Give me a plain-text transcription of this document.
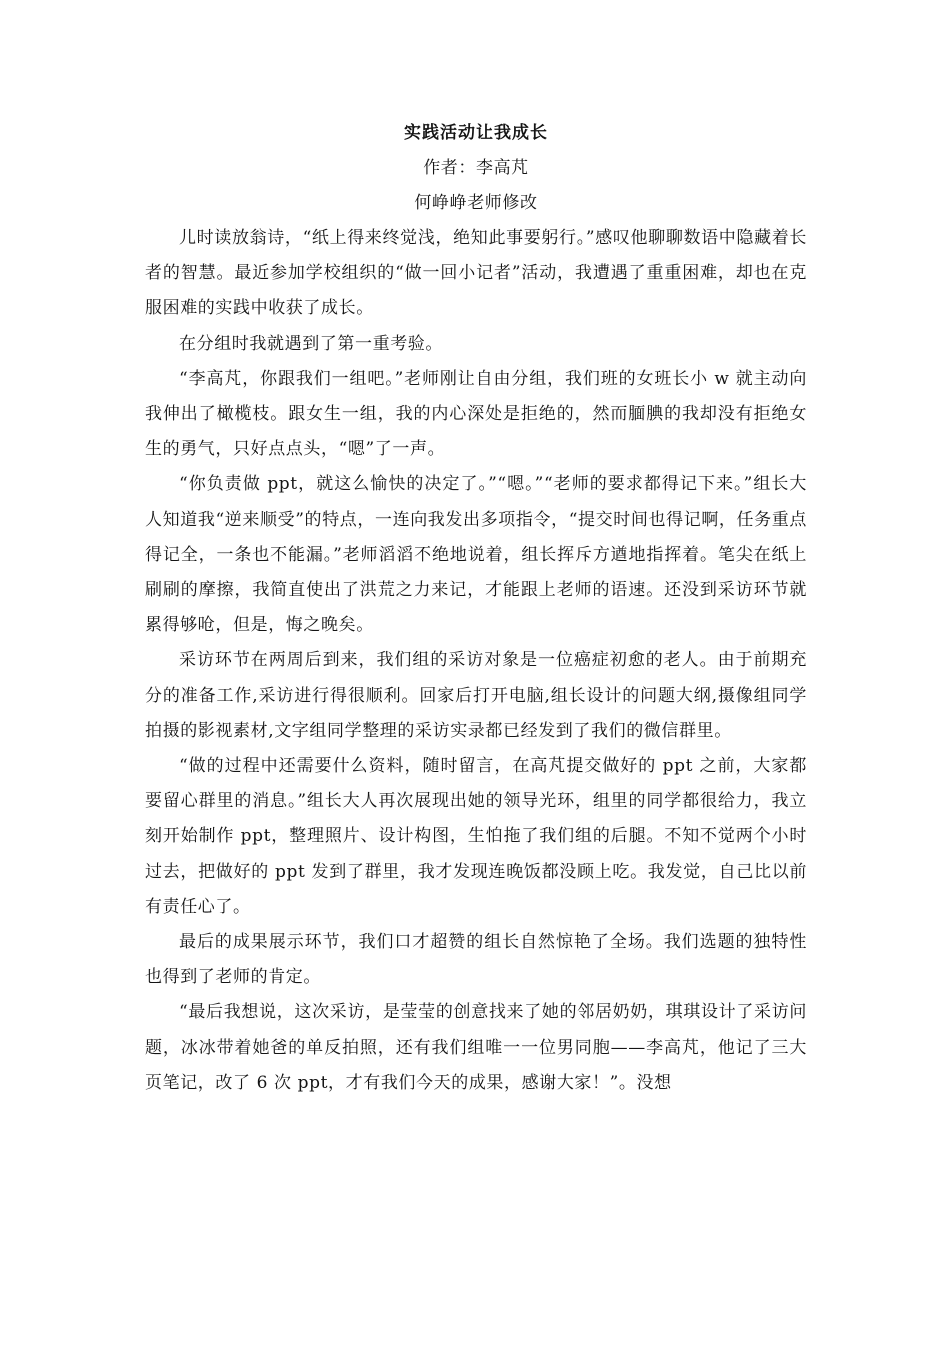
实践活动让我成长

作者：李高芃

何峥峥老师修改

儿时读放翁诗，“纸上得来终觉浅，绝知此事要躬行。”感叹他聊聊数语中隐藏着长者的智慧。最近参加学校组织的“做一回小记者”活动，我遭遇了重重困难，却也在克服困难的实践中收获了成长。

在分组时我就遇到了第一重考验。

“李高芃，你跟我们一组吧。”老师刚让自由分组，我们班的女班长小 w 就主动向我伸出了橄榄枝。跟女生一组，我的内心深处是拒绝的，然而腼腆的我却没有拒绝女生的勇气，只好点点头，“嗯”了一声。

“你负责做 ppt，就这么愉快的决定了。”“嗯。”“老师的要求都得记下来。”组长大人知道我“逆来顺受”的特点，一连向我发出多项指令，“提交时间也得记啊，任务重点得记全，一条也不能漏。”老师滔滔不绝地说着，组长挥斥方遒地指挥着。笔尖在纸上刷刷的摩擦，我简直使出了洪荒之力来记，才能跟上老师的语速。还没到采访环节就累得够呛，但是，悔之晚矣。

采访环节在两周后到来，我们组的采访对象是一位癌症初愈的老人。由于前期充分的准备工作,采访进行得很顺利。回家后打开电脑,组长设计的问题大纲,摄像组同学拍摄的影视素材,文字组同学整理的采访实录都已经发到了我们的微信群里。

“做的过程中还需要什么资料，随时留言，在高芃提交做好的 ppt 之前，大家都要留心群里的消息。”组长大人再次展现出她的领导光环，组里的同学都很给力，我立刻开始制作 ppt，整理照片、设计构图，生怕拖了我们组的后腿。不知不觉两个小时过去，把做好的 ppt 发到了群里，我才发现连晚饭都没顾上吃。我发觉，自己比以前有责任心了。

最后的成果展示环节，我们口才超赞的组长自然惊艳了全场。我们选题的独特性也得到了老师的肯定。

“最后我想说，这次采访，是莹莹的创意找来了她的邻居奶奶，琪琪设计了采访问题，冰冰带着她爸的单反拍照，还有我们组唯一一位男同胞——李高芃，他记了三大页笔记，改了 6 次 ppt，才有我们今天的成果，感谢大家！”。没想
